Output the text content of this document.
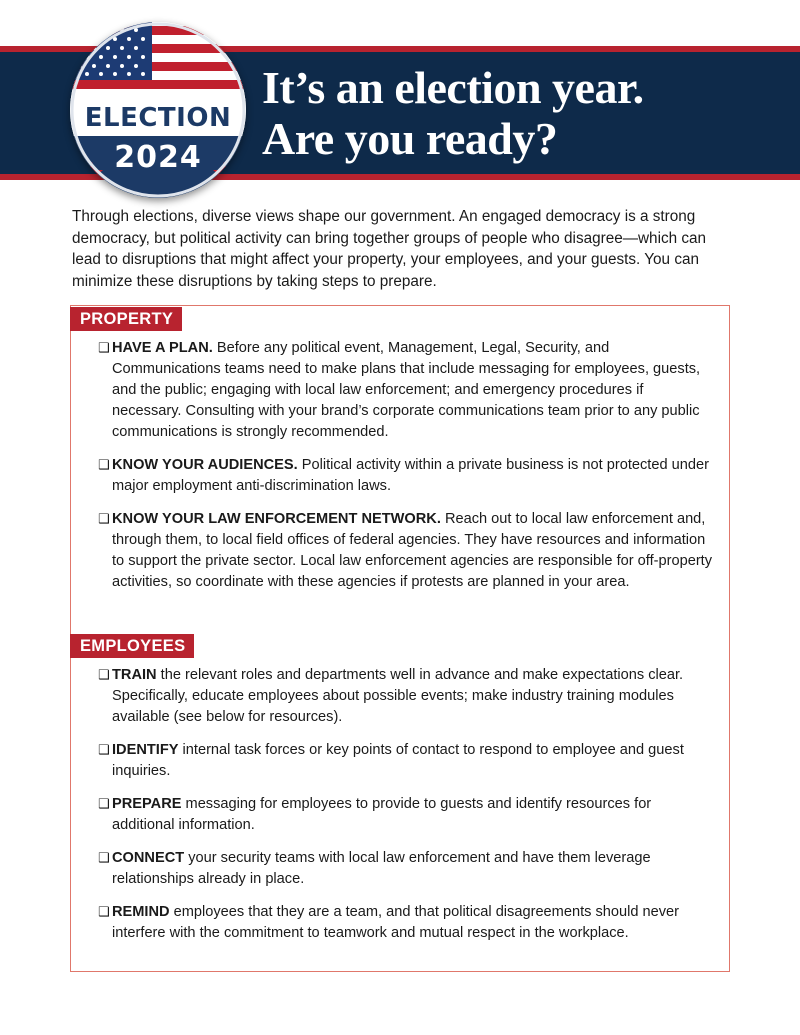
ELECTION
2024
It’s an election year.
Are you ready?
Through elections, diverse views shape our government. An engaged democracy is a strong democracy, but political activity can bring together groups of people who disagree—which can lead to disruptions that might affect your property, your employees, and your guests. You can minimize these disruptions by taking steps to prepare.
PROPERTY
❑ HAVE A PLAN. Before any political event, Management, Legal, Security, and Communications teams need to make plans that include messaging for employees, guests, and the public; engaging with local law enforcement; and emergency procedures if necessary. Consulting with your brand’s corporate communications team prior to any public communications is strongly recommended.
❑ KNOW YOUR AUDIENCES. Political activity within a private business is not protected under major employment anti-discrimination laws.
❑ KNOW YOUR LAW ENFORCEMENT NETWORK. Reach out to local law enforcement and, through them, to local field offices of federal agencies. They have resources and information to support the private sector. Local law enforcement agencies are responsible for off-property activities, so coordinate with these agencies if protests are planned in your area.
EMPLOYEES
❑ TRAIN the relevant roles and departments well in advance and make expectations clear. Specifically, educate employees about possible events; make industry training modules available (see below for resources).
❑ IDENTIFY internal task forces or key points of contact to respond to employee and guest inquiries.
❑ PREPARE messaging for employees to provide to guests and identify resources for additional information.
❑ CONNECT your security teams with local law enforcement and have them leverage relationships already in place.
❑ REMIND employees that they are a team, and that political disagreements should never interfere with the commitment to teamwork and mutual respect in the workplace.
